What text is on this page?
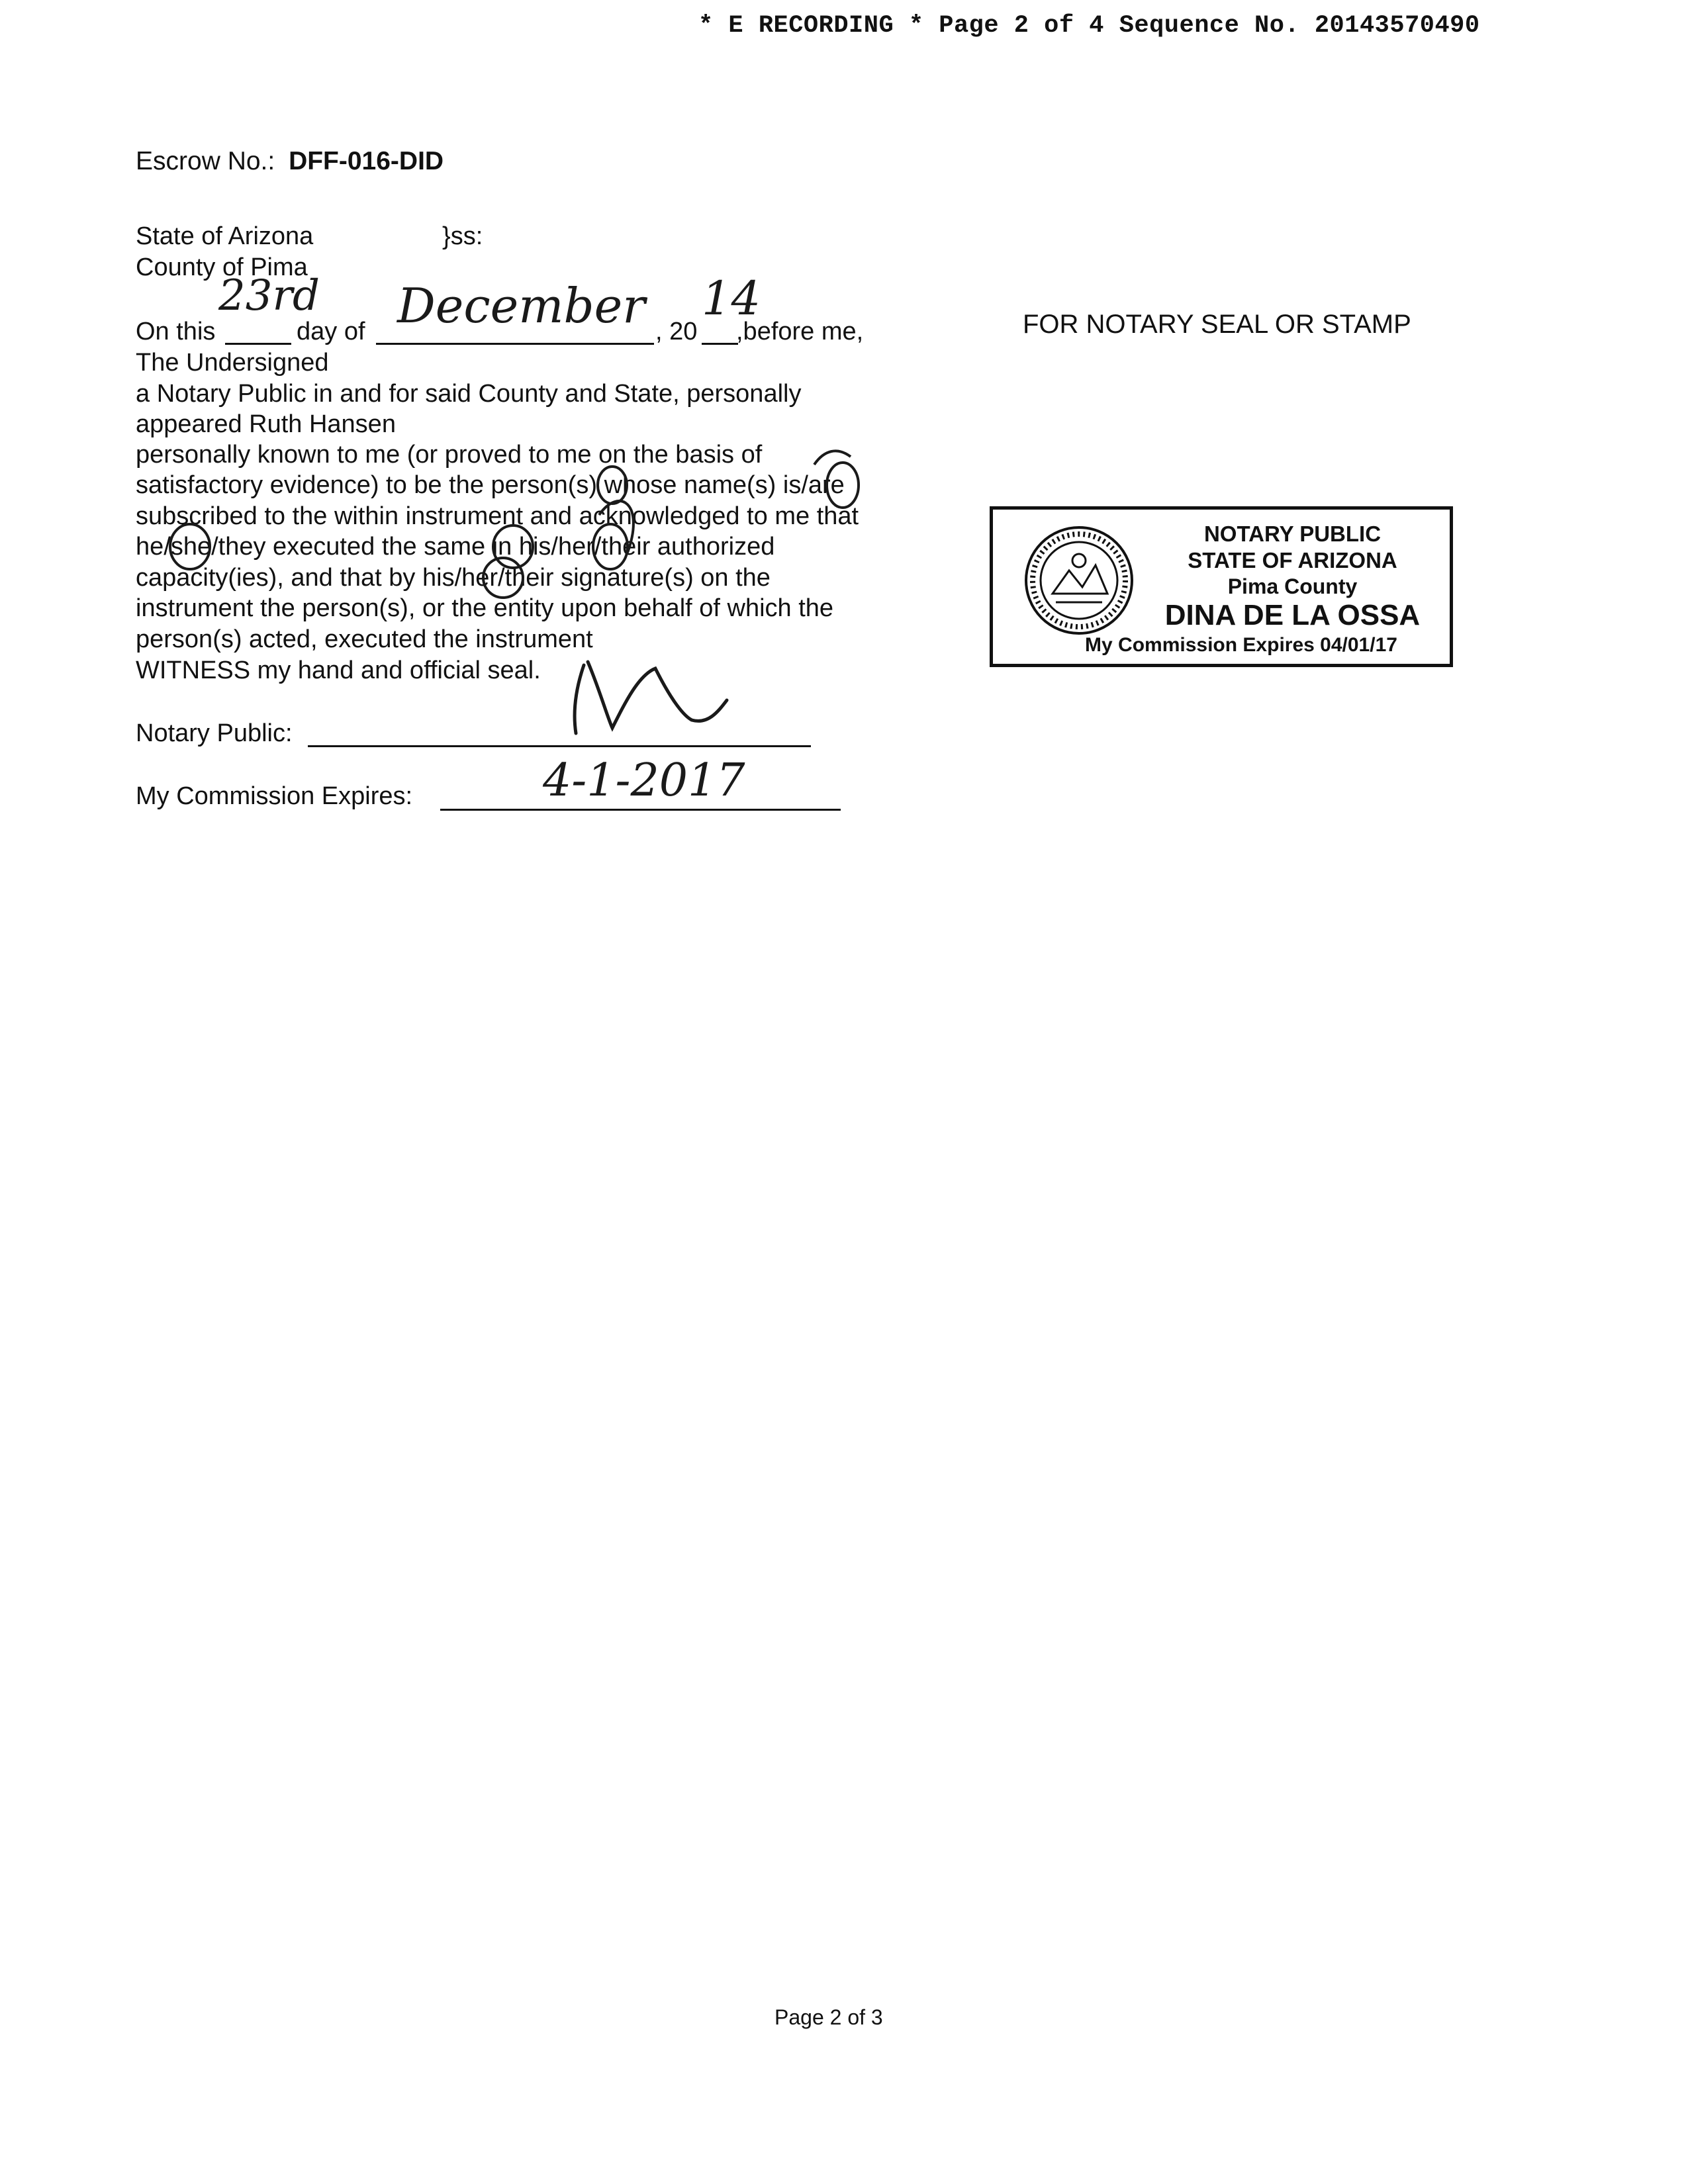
* E RECORDING * Page 2 of 4 Sequence No. 20143570490
Escrow No.: DFF-016-DID
State of Arizona	}ss:
County of Pima
On this	day of	, 20 ,before me,
23rd December 14
The Undersigned
a Notary Public in and for said County and State, personally
appeared Ruth Hansen
personally known to me (or proved to me on the basis of
satisfactory evidence) to be the person(s) whose name(s) is/are
subscribed to the within instrument and acknowledged to me that
he/she/they executed the same in his/her/their authorized
capacity(ies), and that by his/her/their signature(s) on the
instrument the person(s), or the entity upon behalf of which the
person(s) acted, executed the instrument
WITNESS my hand and official seal.
Notary Public:
My Commission Expires:	4-1-2017
FOR NOTARY SEAL OR STAMP
NOTARY PUBLIC
STATE OF ARIZONA
Pima County
DINA DE LA OSSA
My Commission Expires 04/01/17
Page 2 of 3
